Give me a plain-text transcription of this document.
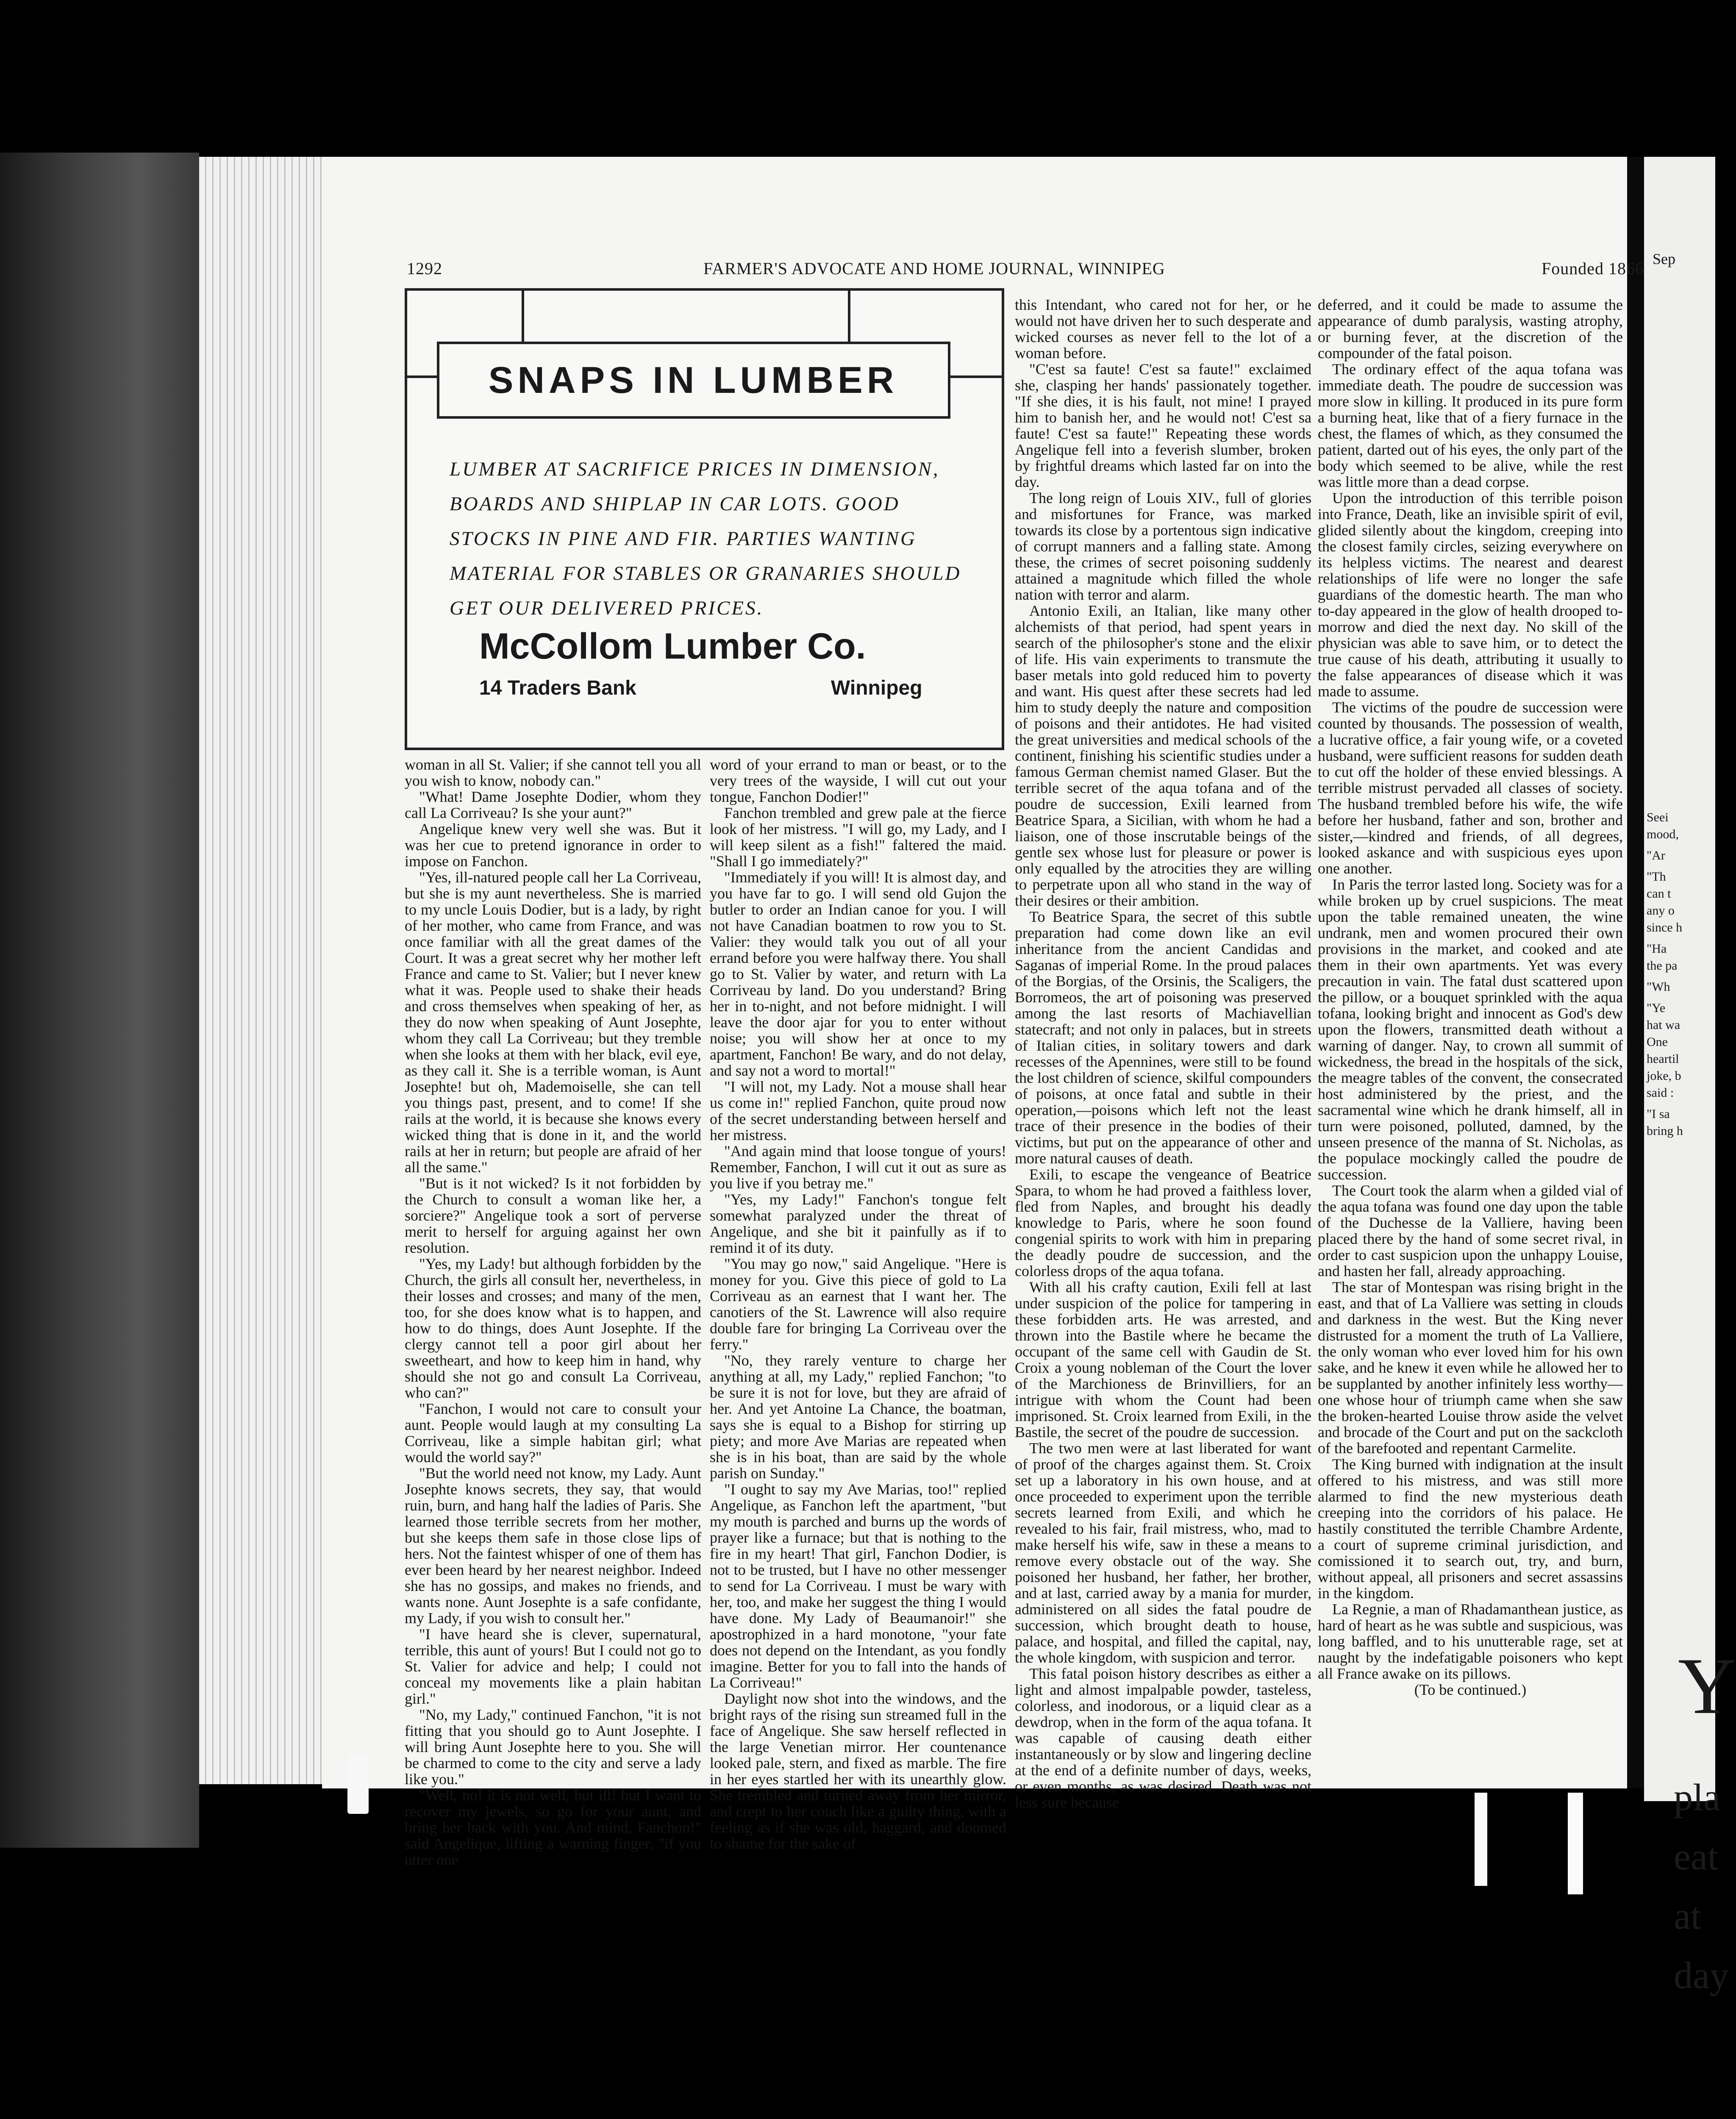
Sep
Seei
mood,
"Ar
"Th
can t
any o
since h
"Ha
the pa
"Wh
"Ye
hat wa
One
heartil
joke, b
said :
"I sa
bring h
Y
pla
eat
at
day
1292	FARMER'S ADVOCATE AND HOME JOURNAL, WINNIPEG	Founded 1866
SNAPS IN LUMBER
LUMBER AT SACRIFICE PRICES IN DIMENSION, BOARDS AND SHIPLAP IN CAR LOTS. GOOD STOCKS IN PINE AND FIR. PARTIES WANTING MATERIAL FOR STABLES OR GRANARIES SHOULD GET OUR DELIVERED PRICES.
McCollom Lumber Co.
14 Traders Bank	Winnipeg

woman in all St. Valier; if she cannot tell you all you wish to know, nobody can."

"What! Dame Josephte Dodier, whom they call La Corriveau? Is she your aunt?"

Angelique knew very well she was. But it was her cue to pretend ignorance in order to impose on Fanchon.

"Yes, ill-natured people call her La Corriveau, but she is my aunt nevertheless. She is married to my uncle Louis Dodier, but is a lady, by right of her mother, who came from France, and was once familiar with all the great dames of the Court. It was a great secret why her mother left France and came to St. Valier; but I never knew what it was. People used to shake their heads and cross themselves when speaking of her, as they do now when speaking of Aunt Josephte, whom they call La Corriveau; but they tremble when she looks at them with her black, evil eye, as they call it. She is a terrible woman, is Aunt Josephte! but oh, Mademoiselle, she can tell you things past, present, and to come! If she rails at the world, it is because she knows every wicked thing that is done in it, and the world rails at her in return; but people are afraid of her all the same."

"But is it not wicked? Is it not forbidden by the Church to consult a woman like her, a sorciere?" Angelique took a sort of perverse merit to herself for arguing against her own resolution.

"Yes, my Lady! but although forbidden by the Church, the girls all consult her, nevertheless, in their losses and crosses; and many of the men, too, for she does know what is to happen, and how to do things, does Aunt Josephte. If the clergy cannot tell a poor girl about her sweetheart, and how to keep him in hand, why should she not go and consult La Corriveau, who can?"

"Fanchon, I would not care to consult your aunt. People would laugh at my consulting La Corriveau, like a simple habitan girl; what would the world say?"

"But the world need not know, my Lady. Aunt Josephte knows secrets, they say, that would ruin, burn, and hang half the ladies of Paris. She learned those terrible secrets from her mother, but she keeps them safe in those close lips of hers. Not the faintest whisper of one of them has ever been heard by her nearest neighbor. Indeed she has no gossips, and makes no friends, and wants none. Aunt Josephte is a safe confidante, my Lady, if you wish to consult her."

"I have heard she is clever, supernatural, terrible, this aunt of yours! But I could not go to St. Valier for advice and help; I could not conceal my movements like a plain habitan girl."

"No, my Lady," continued Fanchon, "it is not fitting that you should go to Aunt Josephte. I will bring Aunt Josephte here to you. She will be charmed to come to the city and serve a lady like you."

"Well, no! it is not well, but ill! but I want to recover my jewels, so go for your aunt, and bring her back with you. And mind, Fanchon!" said Angelique, lifting a warning finger, "if you utter one

word of your errand to man or beast, or to the very trees of the wayside, I will cut out your tongue, Fanchon Dodier!"

Fanchon trembled and grew pale at the fierce look of her mistress. "I will go, my Lady, and I will keep silent as a fish!" faltered the maid. "Shall I go immediately?"

"Immediately if you will! It is almost day, and you have far to go. I will send old Gujon the butler to order an Indian canoe for you. I will not have Canadian boatmen to row you to St. Valier: they would talk you out of all your errand before you were halfway there. You shall go to St. Valier by water, and return with La Corriveau by land. Do you understand? Bring her in to-night, and not before midnight. I will leave the door ajar for you to enter without noise; you will show her at once to my apartment, Fanchon! Be wary, and do not delay, and say not a word to mortal!"

"I will not, my Lady. Not a mouse shall hear us come in!" replied Fanchon, quite proud now of the secret understanding between herself and her mistress.

"And again mind that loose tongue of yours! Remember, Fanchon, I will cut it out as sure as you live if you betray me."

"Yes, my Lady!" Fanchon's tongue felt somewhat paralyzed under the threat of Angelique, and she bit it painfully as if to remind it of its duty.

"You may go now," said Angelique. "Here is money for you. Give this piece of gold to La Corriveau as an earnest that I want her. The canotiers of the St. Lawrence will also require double fare for bringing La Corriveau over the ferry."

"No, they rarely venture to charge her anything at all, my Lady," replied Fanchon; "to be sure it is not for love, but they are afraid of her. And yet Antoine La Chance, the boatman, says she is equal to a Bishop for stirring up piety; and more Ave Marias are repeated when she is in his boat, than are said by the whole parish on Sunday."

"I ought to say my Ave Marias, too!" replied Angelique, as Fanchon left the apartment, "but my mouth is parched and burns up the words of prayer like a furnace; but that is nothing to the fire in my heart! That girl, Fanchon Dodier, is not to be trusted, but I have no other messenger to send for La Corriveau. I must be wary with her, too, and make her suggest the thing I would have done. My Lady of Beaumanoir!" she apostrophized in a hard monotone, "your fate does not depend on the Intendant, as you fondly imagine. Better for you to fall into the hands of La Corriveau!"

Daylight now shot into the windows, and the bright rays of the rising sun streamed full in the face of Angelique. She saw herself reflected in the large Venetian mirror. Her countenance looked pale, stern, and fixed as marble. The fire in her eyes startled her with its unearthly glow. She trembled and turned away from her mirror, and crept to her couch like a guilty thing, with a feeling as if she was old, haggard, and doomed to shame for the sake of

this Intendant, who cared not for her, or he would not have driven her to such desperate and wicked courses as never fell to the lot of a woman before.

"C'est sa faute! C'est sa faute!" exclaimed she, clasping her hands' passionately together. "If she dies, it is his fault, not mine! I prayed him to banish her, and he would not! C'est sa faute! C'est sa faute!" Repeating these words Angelique fell into a feverish slumber, broken by frightful dreams which lasted far on into the day.

The long reign of Louis XIV., full of glories and misfortunes for France, was marked towards its close by a portentous sign indicative of corrupt manners and a falling state. Among these, the crimes of secret poisoning suddenly attained a magnitude which filled the whole nation with terror and alarm.

Antonio Exili, an Italian, like many other alchemists of that period, had spent years in search of the philosopher's stone and the elixir of life. His vain experiments to transmute the baser metals into gold reduced him to poverty and want. His quest after these secrets had led him to study deeply the nature and composition of poisons and their antidotes. He had visited the great universities and medical schools of the continent, finishing his scientific studies under a famous German chemist named Glaser. But the terrible secret of the aqua tofana and of the poudre de succession, Exili learned from Beatrice Spara, a Sicilian, with whom he had a liaison, one of those inscrutable beings of the gentle sex whose lust for pleasure or power is only equalled by the atrocities they are willing to perpetrate upon all who stand in the way of their desires or their ambition.

To Beatrice Spara, the secret of this subtle preparation had come down like an evil inheritance from the ancient Candidas and Saganas of imperial Rome. In the proud palaces of the Borgias, of the Orsinis, the Scaligers, the Borromeos, the art of poisoning was preserved among the last resorts of Machiavellian statecraft; and not only in palaces, but in streets of Italian cities, in solitary towers and dark recesses of the Apennines, were still to be found the lost children of science, skilful compounders of poisons, at once fatal and subtle in their operation,—poisons which left not the least trace of their presence in the bodies of their victims, but put on the appearance of other and more natural causes of death.

Exili, to escape the vengeance of Beatrice Spara, to whom he had proved a faithless lover, fled from Naples, and brought his deadly knowledge to Paris, where he soon found congenial spirits to work with him in preparing the deadly poudre de succession, and the colorless drops of the aqua tofana.

With all his crafty caution, Exili fell at last under suspicion of the police for tampering in these forbidden arts. He was arrested, and thrown into the Bastile where he became the occupant of the same cell with Gaudin de St. Croix a young nobleman of the Court the lover of the Marchioness de Brinvilliers, for an intrigue with whom the Count had been imprisoned. St. Croix learned from Exili, in the Bastile, the secret of the poudre de succession.

The two men were at last liberated for want of proof of the charges against them. St. Croix set up a laboratory in his own house, and at once proceeded to experiment upon the terrible secrets learned from Exili, and which he revealed to his fair, frail mistress, who, mad to make herself his wife, saw in these a means to remove every obstacle out of the way. She poisoned her husband, her father, her brother, and at last, carried away by a mania for murder, administered on all sides the fatal poudre de succession, which brought death to house, palace, and hospital, and filled the capital, nay, the whole kingdom, with suspicion and terror.

This fatal poison history describes as either a light and almost impalpable powder, tasteless, colorless, and inodorous, or a liquid clear as a dewdrop, when in the form of the aqua tofana. It was capable of causing death either instantaneously or by slow and lingering decline at the end of a definite number of days, weeks, or even months, as was desired. Death was not less sure because

deferred, and it could be made to assume the appearance of dumb paralysis, wasting atrophy, or burning fever, at the discretion of the compounder of the fatal poison.

The ordinary effect of the aqua tofana was immediate death. The poudre de succession was more slow in killing. It produced in its pure form a burning heat, like that of a fiery furnace in the chest, the flames of which, as they consumed the patient, darted out of his eyes, the only part of the body which seemed to be alive, while the rest was little more than a dead corpse.

Upon the introduction of this terrible poison into France, Death, like an invisible spirit of evil, glided silently about the kingdom, creeping into the closest family circles, seizing everywhere on its helpless victims. The nearest and dearest relationships of life were no longer the safe guardians of the domestic hearth. The man who to-day appeared in the glow of health drooped to-morrow and died the next day. No skill of the physician was able to save him, or to detect the true cause of his death, attributing it usually to the false appearances of disease which it was made to assume.

The victims of the poudre de succession were counted by thousands. The possession of wealth, a lucrative office, a fair young wife, or a coveted husband, were sufficient reasons for sudden death to cut off the holder of these envied blessings. A terrible mistrust pervaded all classes of society. The husband trembled before his wife, the wife before her husband, father and son, brother and sister,—kindred and friends, of all degrees, looked askance and with suspicious eyes upon one another.

In Paris the terror lasted long. Society was for a while broken up by cruel suspicions. The meat upon the table remained uneaten, the wine undrank, men and women procured their own provisions in the market, and cooked and ate them in their own apartments. Yet was every precaution in vain. The fatal dust scattered upon the pillow, or a bouquet sprinkled with the aqua tofana, looking bright and innocent as God's dew upon the flowers, transmitted death without a warning of danger. Nay, to crown all summit of wickedness, the bread in the hospitals of the sick, the meagre tables of the convent, the consecrated host administered by the priest, and the sacramental wine which he drank himself, all in turn were poisoned, polluted, damned, by the unseen presence of the manna of St. Nicholas, as the populace mockingly called the poudre de succession.

The Court took the alarm when a gilded vial of the aqua tofana was found one day upon the table of the Duchesse de la Valliere, having been placed there by the hand of some secret rival, in order to cast suspicion upon the unhappy Louise, and hasten her fall, already approaching.

The star of Montespan was rising bright in the east, and that of La Valliere was setting in clouds and darkness in the west. But the King never distrusted for a moment the truth of La Valliere, the only woman who ever loved him for his own sake, and he knew it even while he allowed her to be supplanted by another infinitely less worthy—one whose hour of triumph came when she saw the broken-hearted Louise throw aside the velvet and brocade of the Court and put on the sackcloth of the barefooted and repentant Carmelite.

The King burned with indignation at the insult offered to his mistress, and was still more alarmed to find the new mysterious death creeping into the corridors of his palace. He hastily constituted the terrible Chambre Ardente, a court of supreme criminal jurisdiction, and comissioned it to search out, try, and burn, without appeal, all prisoners and secret assassins in the kingdom.

La Regnie, a man of Rhadamanthean justice, as hard of heart as he was subtle and suspicious, was long baffled, and to his unutterable rage, set at naught by the indefatigable poisoners who kept all France awake on its pillows.

(To be continued.)
